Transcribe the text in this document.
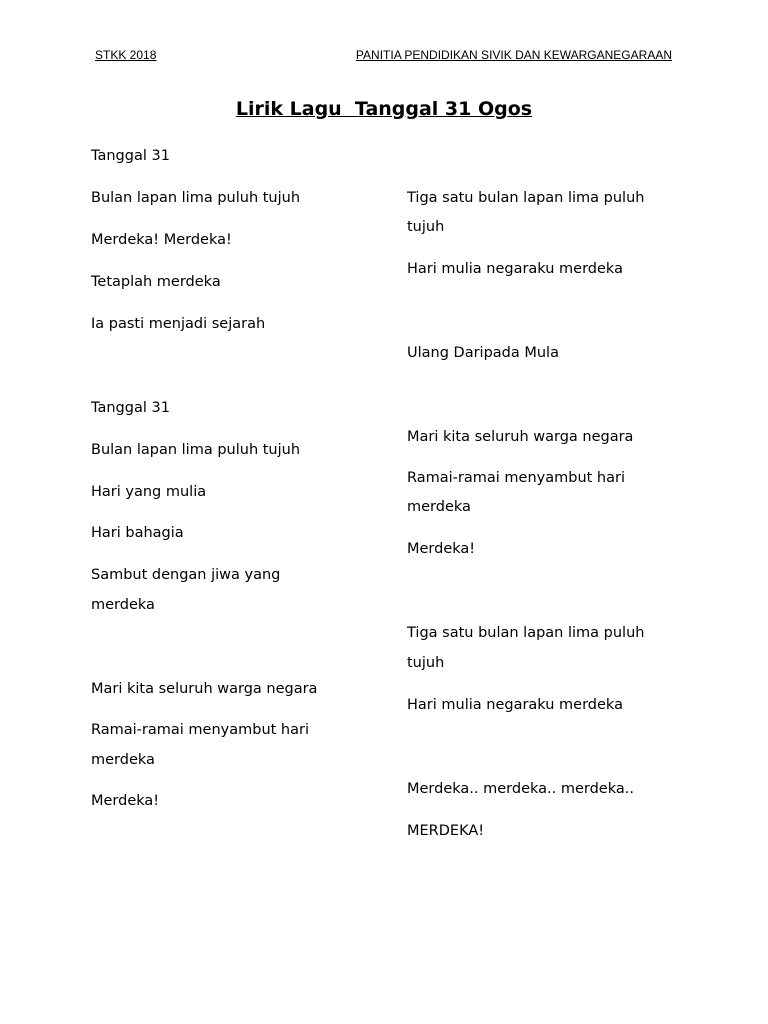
STKK 2018	PANITIA PENDIDIKAN SIVIK DAN KEWARGANEGARAAN
Lirik Lagu  Tanggal 31 Ogos
Tanggal 31
Bulan lapan lima puluh tujuh
Merdeka! Merdeka!
Tetaplah merdeka
Ia pasti menjadi sejarah
Tanggal 31
Bulan lapan lima puluh tujuh
Hari yang mulia
Hari bahagia
Sambut dengan jiwa yang
merdeka
Mari kita seluruh warga negara
Ramai-ramai menyambut hari
merdeka
Merdeka!
Tiga satu bulan lapan lima puluh
tujuh
Hari mulia negaraku merdeka
Ulang Daripada Mula
Mari kita seluruh warga negara
Ramai-ramai menyambut hari
merdeka
Merdeka!
Tiga satu bulan lapan lima puluh
tujuh
Hari mulia negaraku merdeka
Merdeka.. merdeka.. merdeka..
MERDEKA!
